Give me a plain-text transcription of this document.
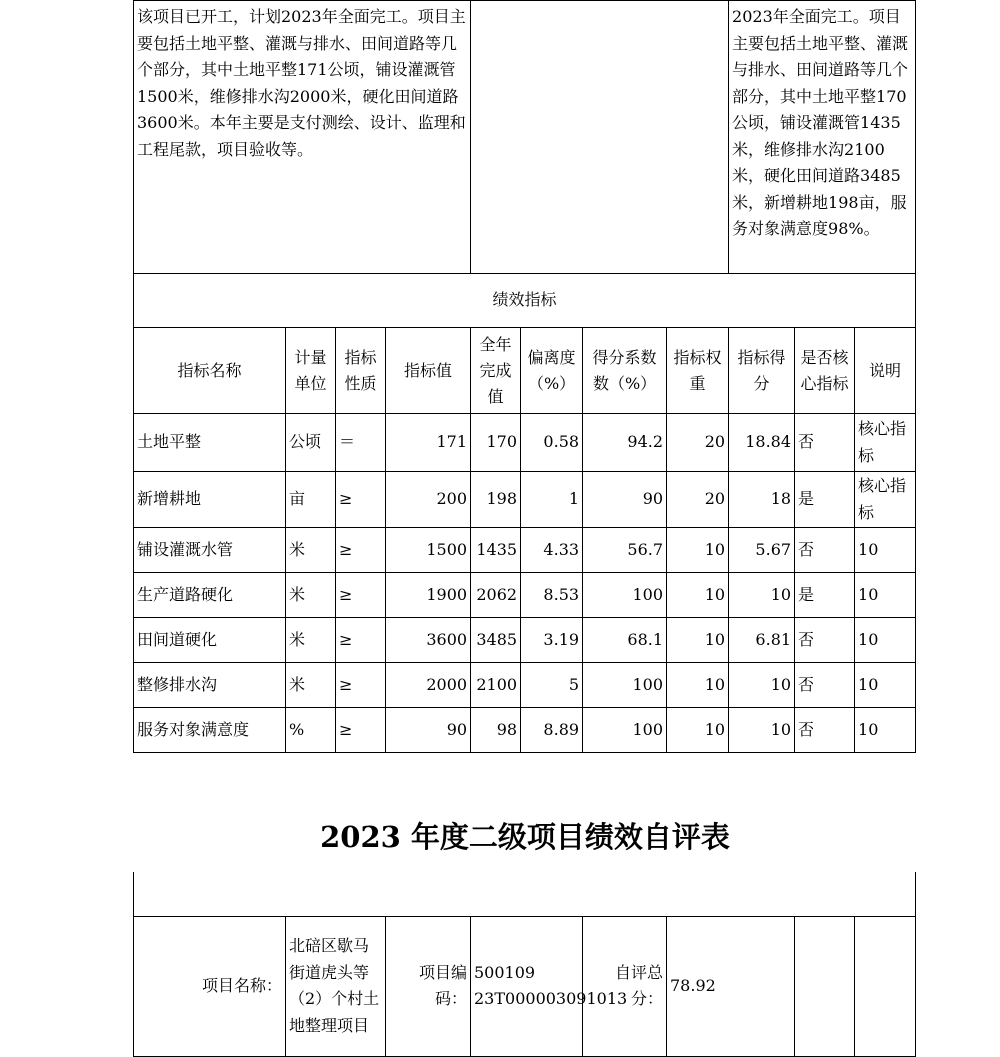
该项目已开工，计划2023年全面完工。项目主要包括土地平整、灌溉与排水、田间道路等几个部分，其中土地平整171公顷，铺设灌溉管1500米，维修排水沟2000米，硬化田间道路3600米。本年主要是支付测绘、设计、监理和工程尾款，项目验收等。								2023年全面完工。项目主要包括土地平整、灌溉与排水、田间道路等几个部分，其中土地平整170公顷，铺设灌溉管1435米，维修排水沟2100米，硬化田间道路3485米，新增耕地198亩，服务对象满意度98%。		
绩效指标										
指标名称	计量单位	指标性质	指标值	全年完成值	偏离度（%）	得分系数数（%）	指标权重	指标得分	是否核心指标	说明
土地平整	公顷	＝	171	170	0.58	94.2	20	18.84	否	核心指标
新增耕地	亩	≥	200	198	1	90	20	18	是	核心指标
铺设灌溉水管	米	≥	1500	1435	4.33	56.7	10	5.67	否	10
生产道路硬化	米	≥	1900	2062	8.53	100	10	10	是	10
田间道硬化	米	≥	3600	3485	3.19	68.1	10	6.81	否	10
整修排水沟	米	≥	2000	2100	5	100	10	10	否	10
服务对象满意度	%	≥	90	98	8.89	100	10	10	否	10
2023 年度二级项目绩效自评表

项目名称：	北碚区歇马街道虎头等（2）个村土地整理项目	项目编码：	500109 23T000003091013	自评总分：	78.92		
